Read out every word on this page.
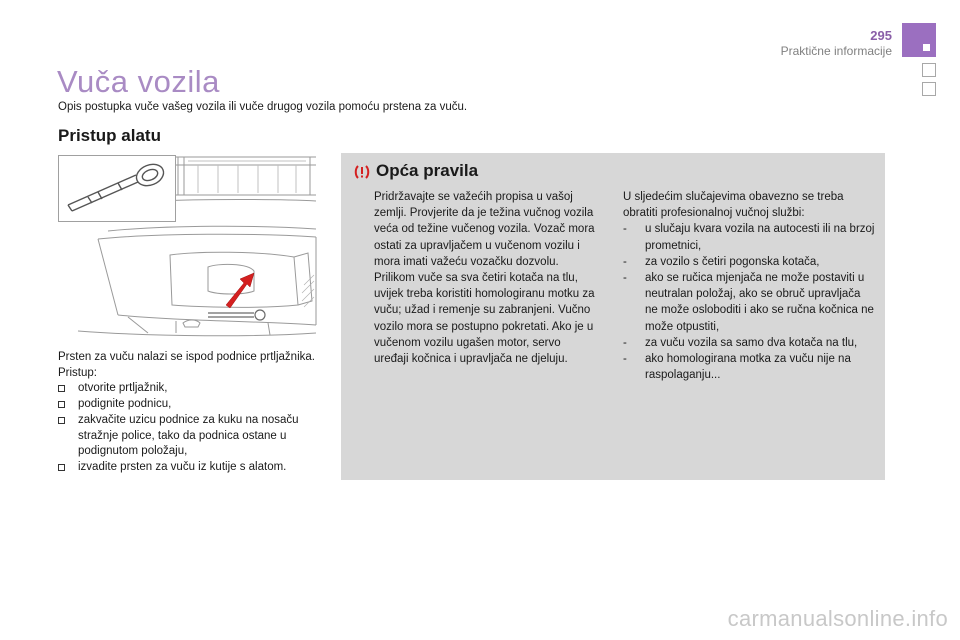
295
Praktične informacije
Vuča vozila
Opis postupka vuče vašeg vozila ili vuče drugog vozila pomoću prstena za vuču.
Pristup alatu

Prsten za vuču nalazi se ispod podnice prtljažnika.

Pristup:

otvorite prtljažnik,
podignite podnicu,
zakvačite uzicu podnice za kuku na nosaču stražnje police, tako da podnica ostane u podignutom položaju,
izvadite prsten za vuču iz kutije s alatom.
Opća pravila

Pridržavajte se važećih propisa u vašoj zemlji. Provjerite da je težina vučnog vozila veća od težine vučenog vozila. Vozač mora ostati za upravljačem u vučenom vozilu i mora imati važeću vozačku dozvolu. Prilikom vuče sa sva četiri kotača na tlu, uvijek treba koristiti homologiranu motku za vuču; užad i remenje su zabranjeni. Vučno vozilo mora se postupno pokretati. Ako je u vučenom vozilu ugašen motor, servo uređaji kočnica i upravljača ne djeluju.

U sljedećim slučajevima obavezno se treba obratiti profesionalnoj vučnoj službi:

- u slučaju kvara vozila na autocesti ili na brzoj prometnici,
- za vozilo s četiri pogonska kotača,
- ako se ručica mjenjača ne može postaviti u neutralan položaj, ako se obruč upravljača ne može osloboditi i ako se ručna kočnica ne može otpustiti,
- za vuču vozila sa samo dva kotača na tlu,
- ako homologirana motka za vuču nije na raspolaganju...
carmanualsonline.info
